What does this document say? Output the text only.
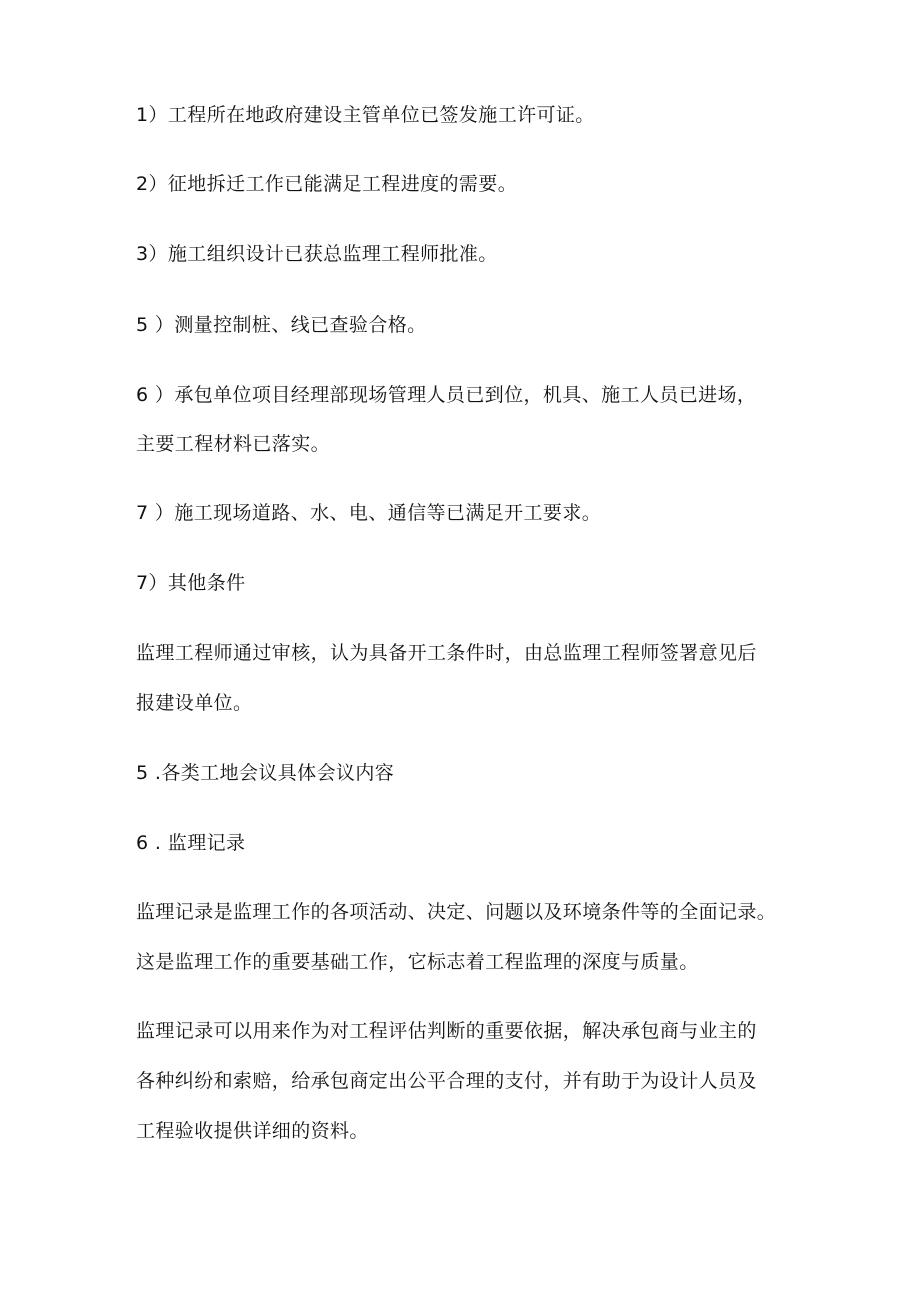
1）工程所在地政府建设主管单位已签发施工许可证。
2）征地拆迁工作已能满足工程进度的需要。
3）施工组织设计已获总监理工程师批准。
5 ）测量控制桩、线已查验合格。
6 ）承包单位项目经理部现场管理人员已到位，机具、施工人员已进场，
主要工程材料已落实。
7 ）施工现场道路、水、电、通信等已满足开工要求。
7）其他条件
监理工程师通过审核，认为具备开工条件时，由总监理工程师签署意见后
报建设单位。
5 .各类工地会议具体会议内容
6 . 监理记录
监理记录是监理工作的各项活动、决定、问题以及环境条件等的全面记录。
这是监理工作的重要基础工作，它标志着工程监理的深度与质量。
监理记录可以用来作为对工程评估判断的重要依据，解决承包商与业主的
各种纠纷和索赔，给承包商定出公平合理的支付，并有助于为设计人员及
工程验收提供详细的资料。
